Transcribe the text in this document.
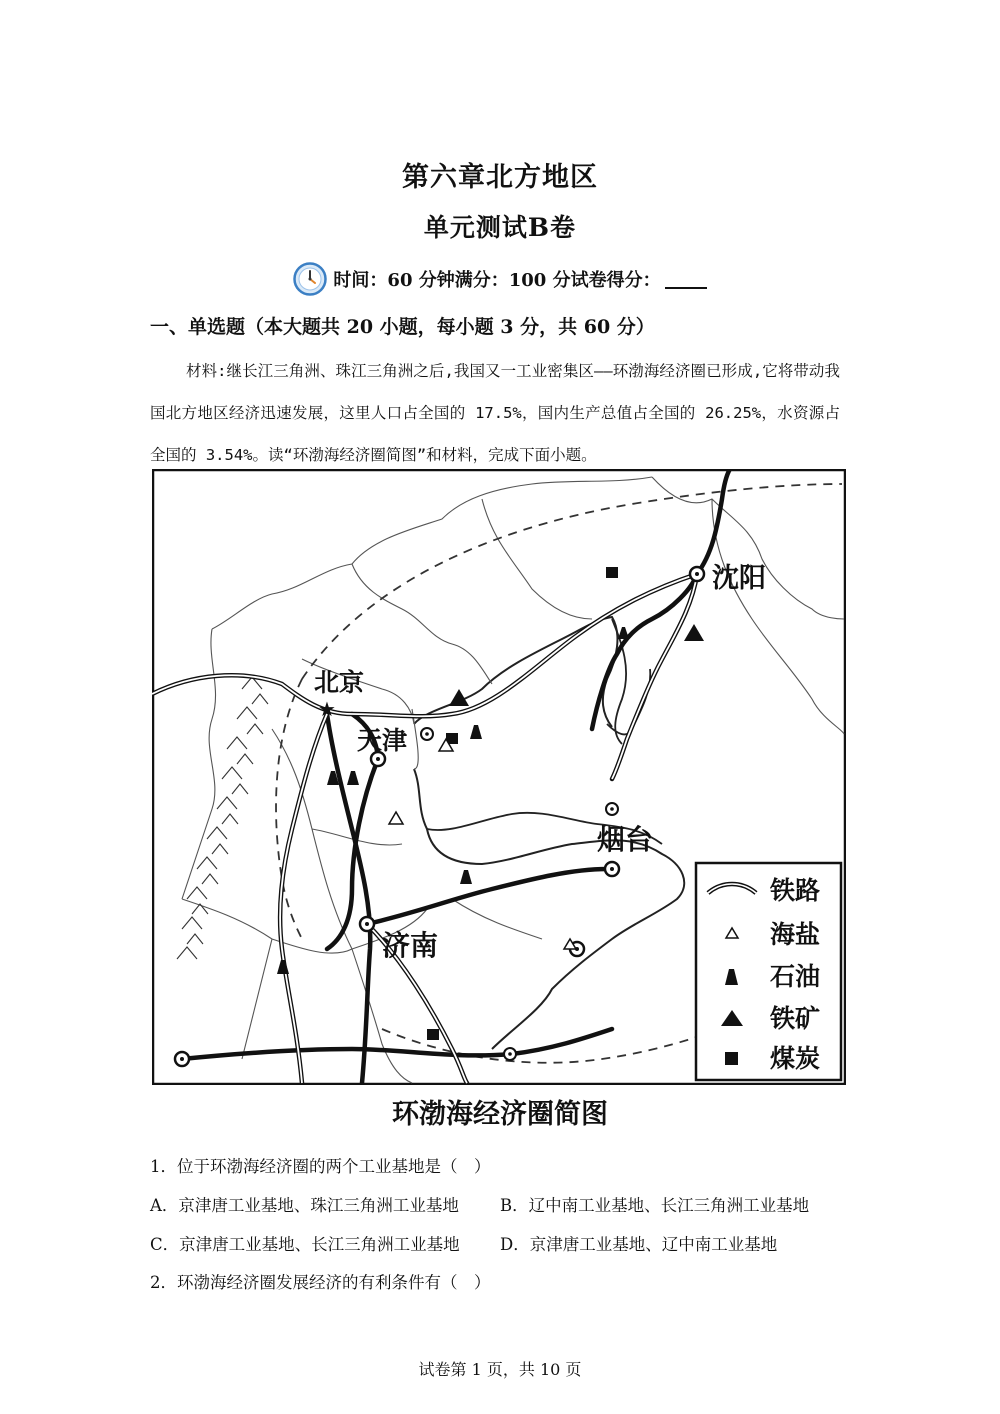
第六章北方地区
单元测试B卷
时间：60 分钟满分：100 分试卷得分：
一、单选题（本大题共 20 小题，每小题 3 分，共 60 分）
材料:继长江三角洲、珠江三角洲之后,我国又一工业密集区——环渤海经济圈已形成,它将带动我国北方地区经济迅速发展，这里人口占全国的 17.5%，国内生产总值占全国的 26.25%，水资源占全国的 3.54%。读“环渤海经济圈简图”和材料，完成下面小题。
★
沈阳
北京
天津
烟台
济南
铁路
海盐
石油
铁矿
煤炭
环渤海经济圈简图
1．位于环渤海经济圈的两个工业基地是（　）
A．京津唐工业基地、珠江三角洲工业基地 B．辽中南工业基地、长江三角洲工业基地
C．京津唐工业基地、长江三角洲工业基地 D．京津唐工业基地、辽中南工业基地
2．环渤海经济圈发展经济的有利条件有（　）
试卷第 1 页，共 10 页
